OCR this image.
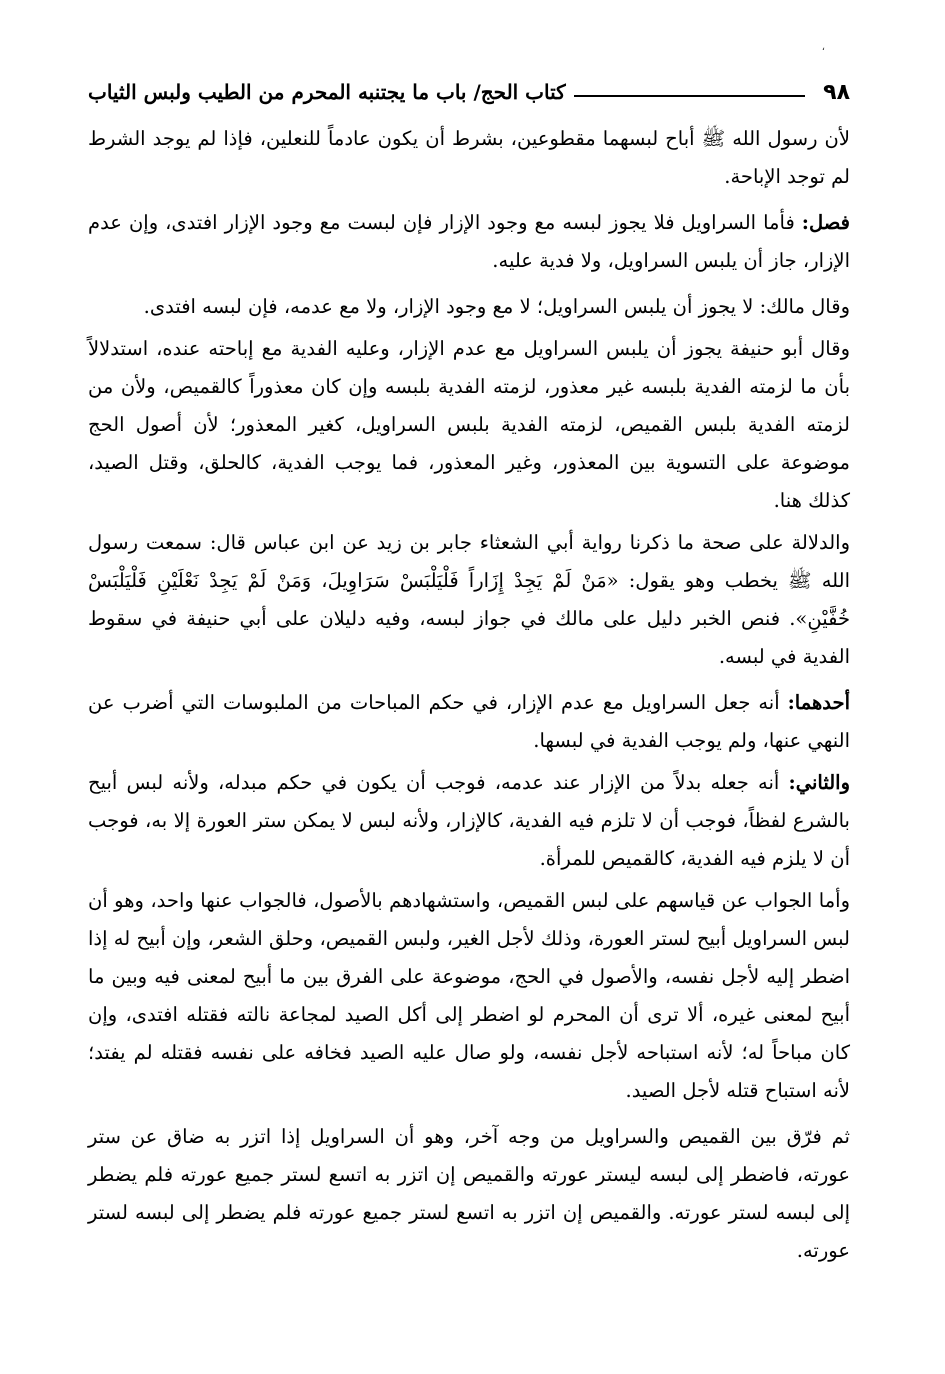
،
٩٨
كتاب الحج/ باب ما يجتنبه المحرم من الطيب ولبس الثياب

لأن رسول الله ﷺ أباح لبسهما مقطوعين، بشرط أن يكون عادماً للنعلين، فإذا لم يوجد الشرط لم توجد الإباحة.

فصل: فأما السراويل فلا يجوز لبسه مع وجود الإزار فإن لبست مع وجود الإزار افتدى، وإن عدم الإزار، جاز أن يلبس السراويل، ولا فدية عليه.

وقال مالك: لا يجوز أن يلبس السراويل؛ لا مع وجود الإزار، ولا مع عدمه، فإن لبسه افتدى.

وقال أبو حنيفة يجوز أن يلبس السراويل مع عدم الإزار، وعليه الفدية مع إباحته عنده، استدلالاً بأن ما لزمته الفدية بلبسه غير معذور، لزمته الفدية بلبسه وإن كان معذوراً كالقميص، ولأن من لزمته الفدية بلبس القميص، لزمته الفدية بلبس السراويل، كغير المعذور؛ لأن أصول الحج موضوعة على التسوية بين المعذور، وغير المعذور، فما يوجب الفدية، كالحلق، وقتل الصيد، كذلك هنا.

والدلالة على صحة ما ذكرنا رواية أبي الشعثاء جابر بن زيد عن ابن عباس قال: سمعت رسول الله ﷺ يخطب وهو يقول: «مَنْ لَمْ يَجِدْ إِزَاراً فَلْيَلْبَسْ سَرَاوِيلَ، وَمَنْ لَمْ يَجِدْ نَعْلَيْنِ فَلْيَلْبَسْ خُفَّيْنِ». فنص الخبر دليل على مالك في جواز لبسه، وفيه دليلان على أبي حنيفة في سقوط الفدية في لبسه.

أحدهما: أنه جعل السراويل مع عدم الإزار، في حكم المباحات من الملبوسات التي أضرب عن النهي عنها، ولم يوجب الفدية في لبسها.

والثاني: أنه جعله بدلاً من الإزار عند عدمه، فوجب أن يكون في حكم مبدله، ولأنه لبس أبيح بالشرع لفظاً، فوجب أن لا تلزم فيه الفدية، كالإزار، ولأنه لبس لا يمكن ستر العورة إلا به، فوجب أن لا يلزم فيه الفدية، كالقميص للمرأة.

وأما الجواب عن قياسهم على لبس القميص، واستشهادهم بالأصول، فالجواب عنها واحد، وهو أن لبس السراويل أبيح لستر العورة، وذلك لأجل الغير، ولبس القميص، وحلق الشعر، وإن أبيح له إذا اضطر إليه لأجل نفسه، والأصول في الحج، موضوعة على الفرق بين ما أبيح لمعنى فيه وبين ما أبيح لمعنى غيره، ألا ترى أن المحرم لو اضطر إلى أكل الصيد لمجاعة نالته فقتله افتدى، وإن كان مباحاً له؛ لأنه استباحه لأجل نفسه، ولو صال عليه الصيد فخافه على نفسه فقتله لم يفتد؛ لأنه استباح قتله لأجل الصيد.

ثم فرّق بين القميص والسراويل من وجه آخر، وهو أن السراويل إذا اتزر به ضاق عن ستر عورته، فاضطر إلى لبسه ليستر عورته والقميص إن اتزر به اتسع لستر جميع عورته فلم يضطر إلى لبسه لستر عورته. والقميص إن اتزر به اتسع لستر جميع عورته فلم يضطر إلى لبسه لستر عورته.
